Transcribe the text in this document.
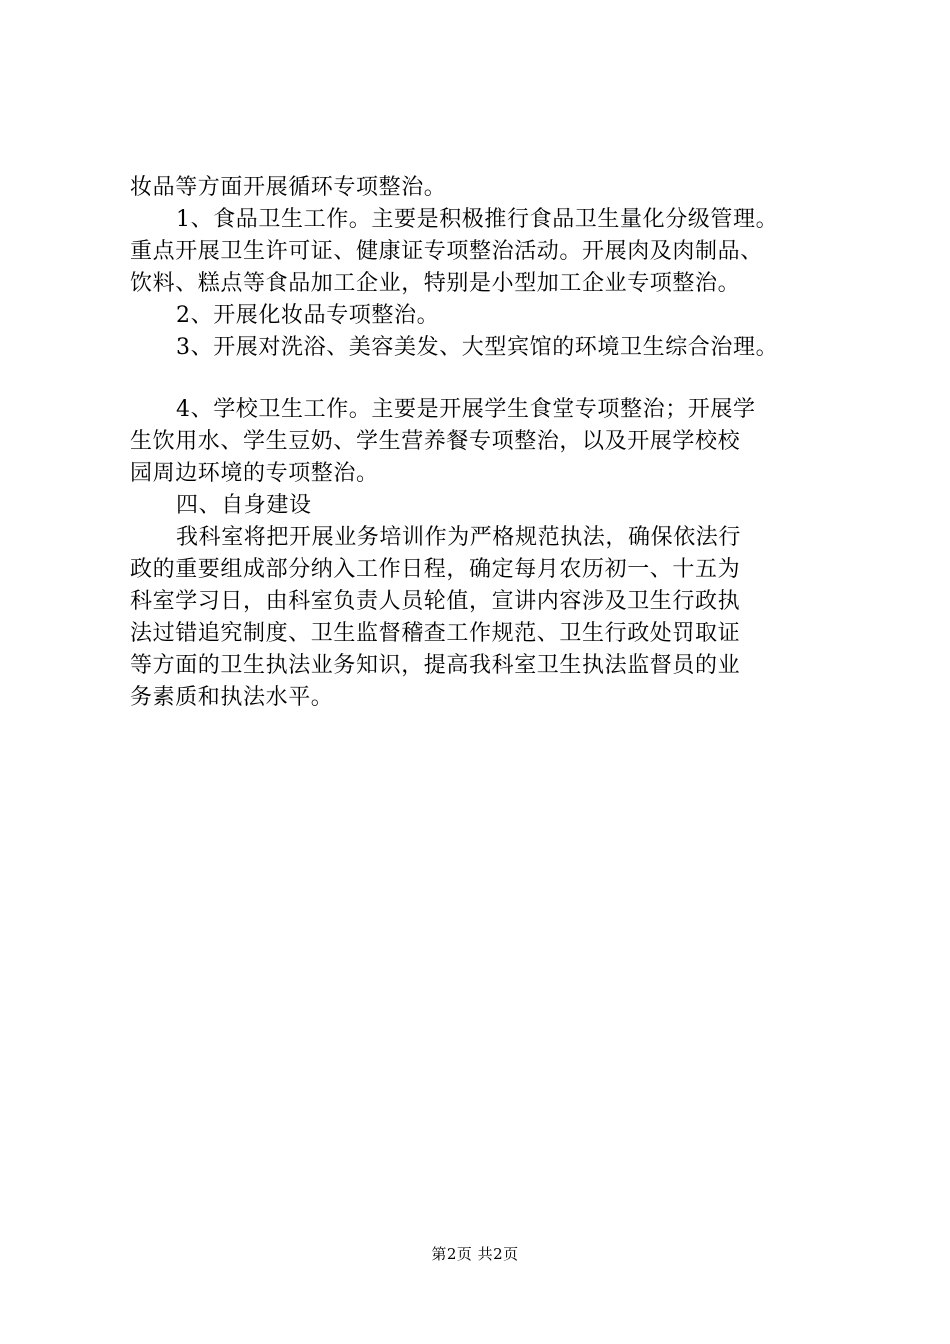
妆品等方面开展循环专项整治。
1、食品卫生工作。主要是积极推行食品卫生量化分级管理。
重点开展卫生许可证、健康证专项整治活动。开展肉及肉制品、
饮料、糕点等食品加工企业，特别是小型加工企业专项整治。
2、开展化妆品专项整治。
3、开展对洗浴、美容美发、大型宾馆的环境卫生综合治理。
4、学校卫生工作。主要是开展学生食堂专项整治；开展学
生饮用水、学生豆奶、学生营养餐专项整治，以及开展学校校
园周边环境的专项整治。
四、自身建设
我科室将把开展业务培训作为严格规范执法，确保依法行
政的重要组成部分纳入工作日程，确定每月农历初一、十五为
科室学习日，由科室负责人员轮值，宣讲内容涉及卫生行政执
法过错追究制度、卫生监督稽查工作规范、卫生行政处罚取证
等方面的卫生执法业务知识，提高我科室卫生执法监督员的业
务素质和执法水平。
第2页 共2页
